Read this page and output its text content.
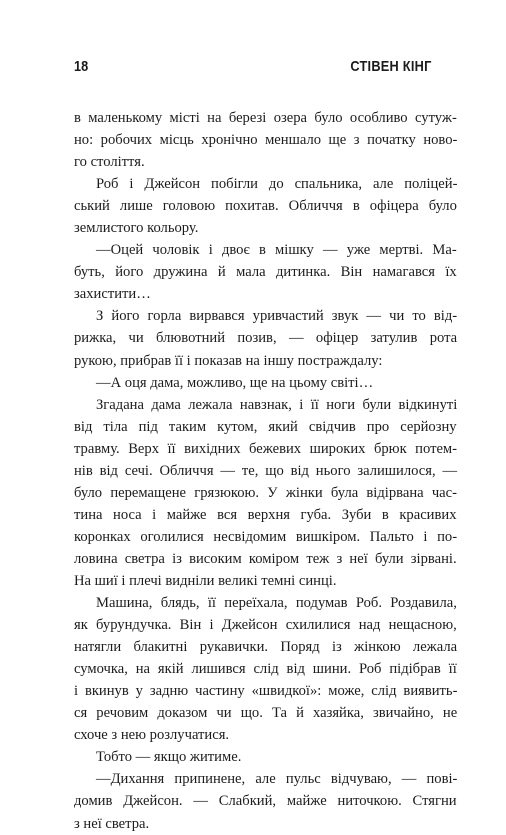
18	СТІВЕН КІНГ
в маленькому місті на березі озера було особливо сутуж-
но: робочих місць хронічно меншало ще з початку ново-
го століття.
Роб і Джейсон побігли до спальника, але поліцей-
ський лише головою похитав. Обличчя в офіцера було
землистого кольору.
—Оцей чоловік і двоє в мішку — уже мертві. Ма-
буть, його дружина й мала дитинка. Він намагався їх
захистити…
З його горла вирвався уривчастий звук — чи то від-
рижка, чи блювотний позив, — офіцер затулив рота
рукою, прибрав її і показав на іншу постраждалу:
—А оця дама, можливо, ще на цьому світі…
Згадана дама лежала навзнак, і її ноги були відкинуті
від тіла під таким кутом, який свідчив про серйозну
травму. Верх її вихідних бежевих широких брюк потем-
нів від сечі. Обличчя — те, що від нього залишилося, —
було перемащене грязюкою. У жінки була відірвана час-
тина носа і майже вся верхня губа. Зуби в красивих
коронках оголилися несвідомим вишкіром. Пальто і по-
ловина светра із високим коміром теж з неї були зірвані.
На шиї і плечі видніли великі темні синці.
Машина, блядь, її переїхала, подумав Роб. Роздавила,
як бурундучка. Він і Джейсон схилилися над нещасною,
натягли блакитні рукавички. Поряд із жінкою лежала
сумочка, на якій лишився слід від шини. Роб підібрав її
і вкинув у задню частину «швидкої»: може, слід виявить-
ся речовим доказом чи що. Та й хазяйка, звичайно, не
схоче з нею розлучатися.
Тобто — якщо житиме.
—Дихання припинене, але пульс відчуваю, — пові-
домив Джейсон. — Слабкий, майже ниточкою. Стягни
з неї светра.
